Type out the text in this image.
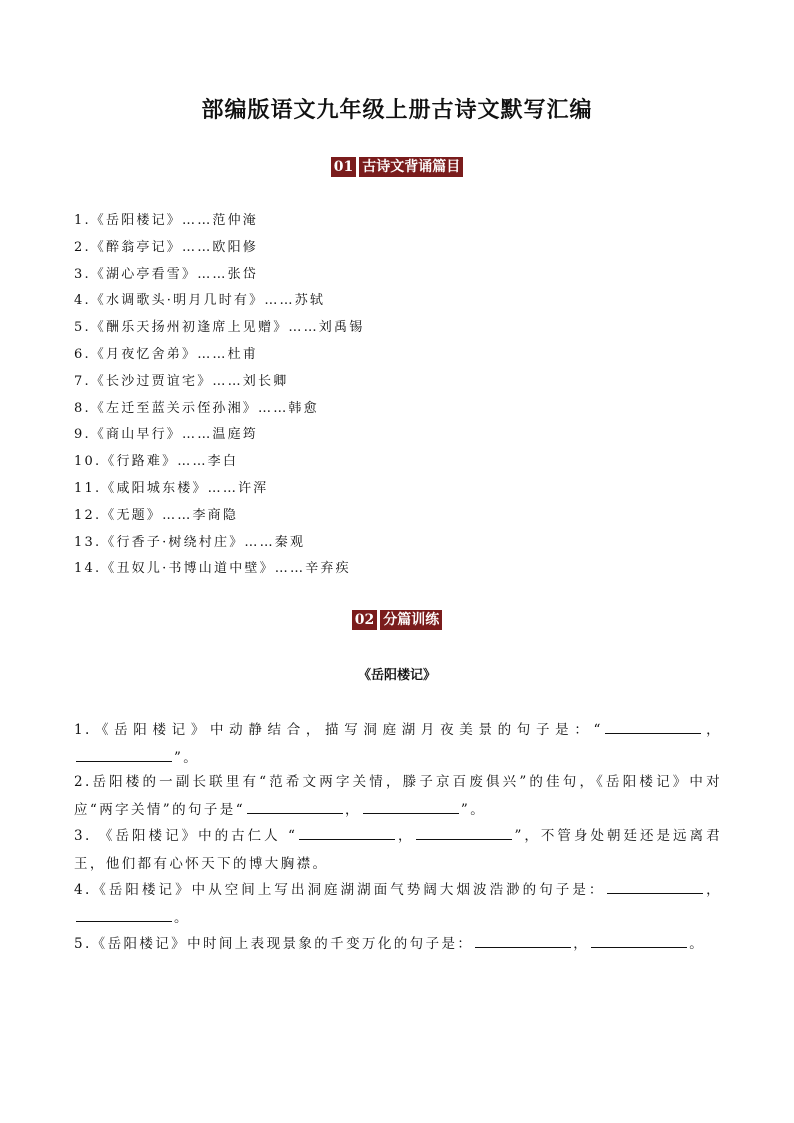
部编版语文九年级上册古诗文默写汇编
01 古诗文背诵篇目
1.《岳阳楼记》……范仲淹
2.《醉翁亭记》……欧阳修
3.《湖心亭看雪》……张岱
4.《水调歌头·明月几时有》……苏轼
5.《酬乐天扬州初逢席上见赠》……刘禹锡
6.《月夜忆舍弟》……杜甫
7.《长沙过贾谊宅》……刘长卿
8.《左迁至蓝关示侄孙湘》……韩愈
9.《商山早行》……温庭筠
10.《行路难》……李白
11.《咸阳城东楼》……许浑
12.《无题》……李商隐
13.《行香子·树绕村庄》……秦观
14.《丑奴儿·书博山道中壁》……辛弃疾
02 分篇训练
《岳阳楼记》
1.《岳阳楼记》中动静结合，描写洞庭湖月夜美景的句子是：“	，”。
2.岳阳楼的一副长联里有“范希文两字关情，滕子京百废俱兴”的佳句，《岳阳楼记》中对应“两字关情”的句子是“	，	”。
3. 《岳阳楼记》中的古仁人 “	，	”，不管身处朝廷还是远离君王，他们都有心怀天下的博大胸襟。
4.《岳阳楼记》中从空间上写出洞庭湖湖面气势阔大烟波浩渺的句子是：	，。
5.《岳阳楼记》中时间上表现景象的千变万化的句子是：	，	。
